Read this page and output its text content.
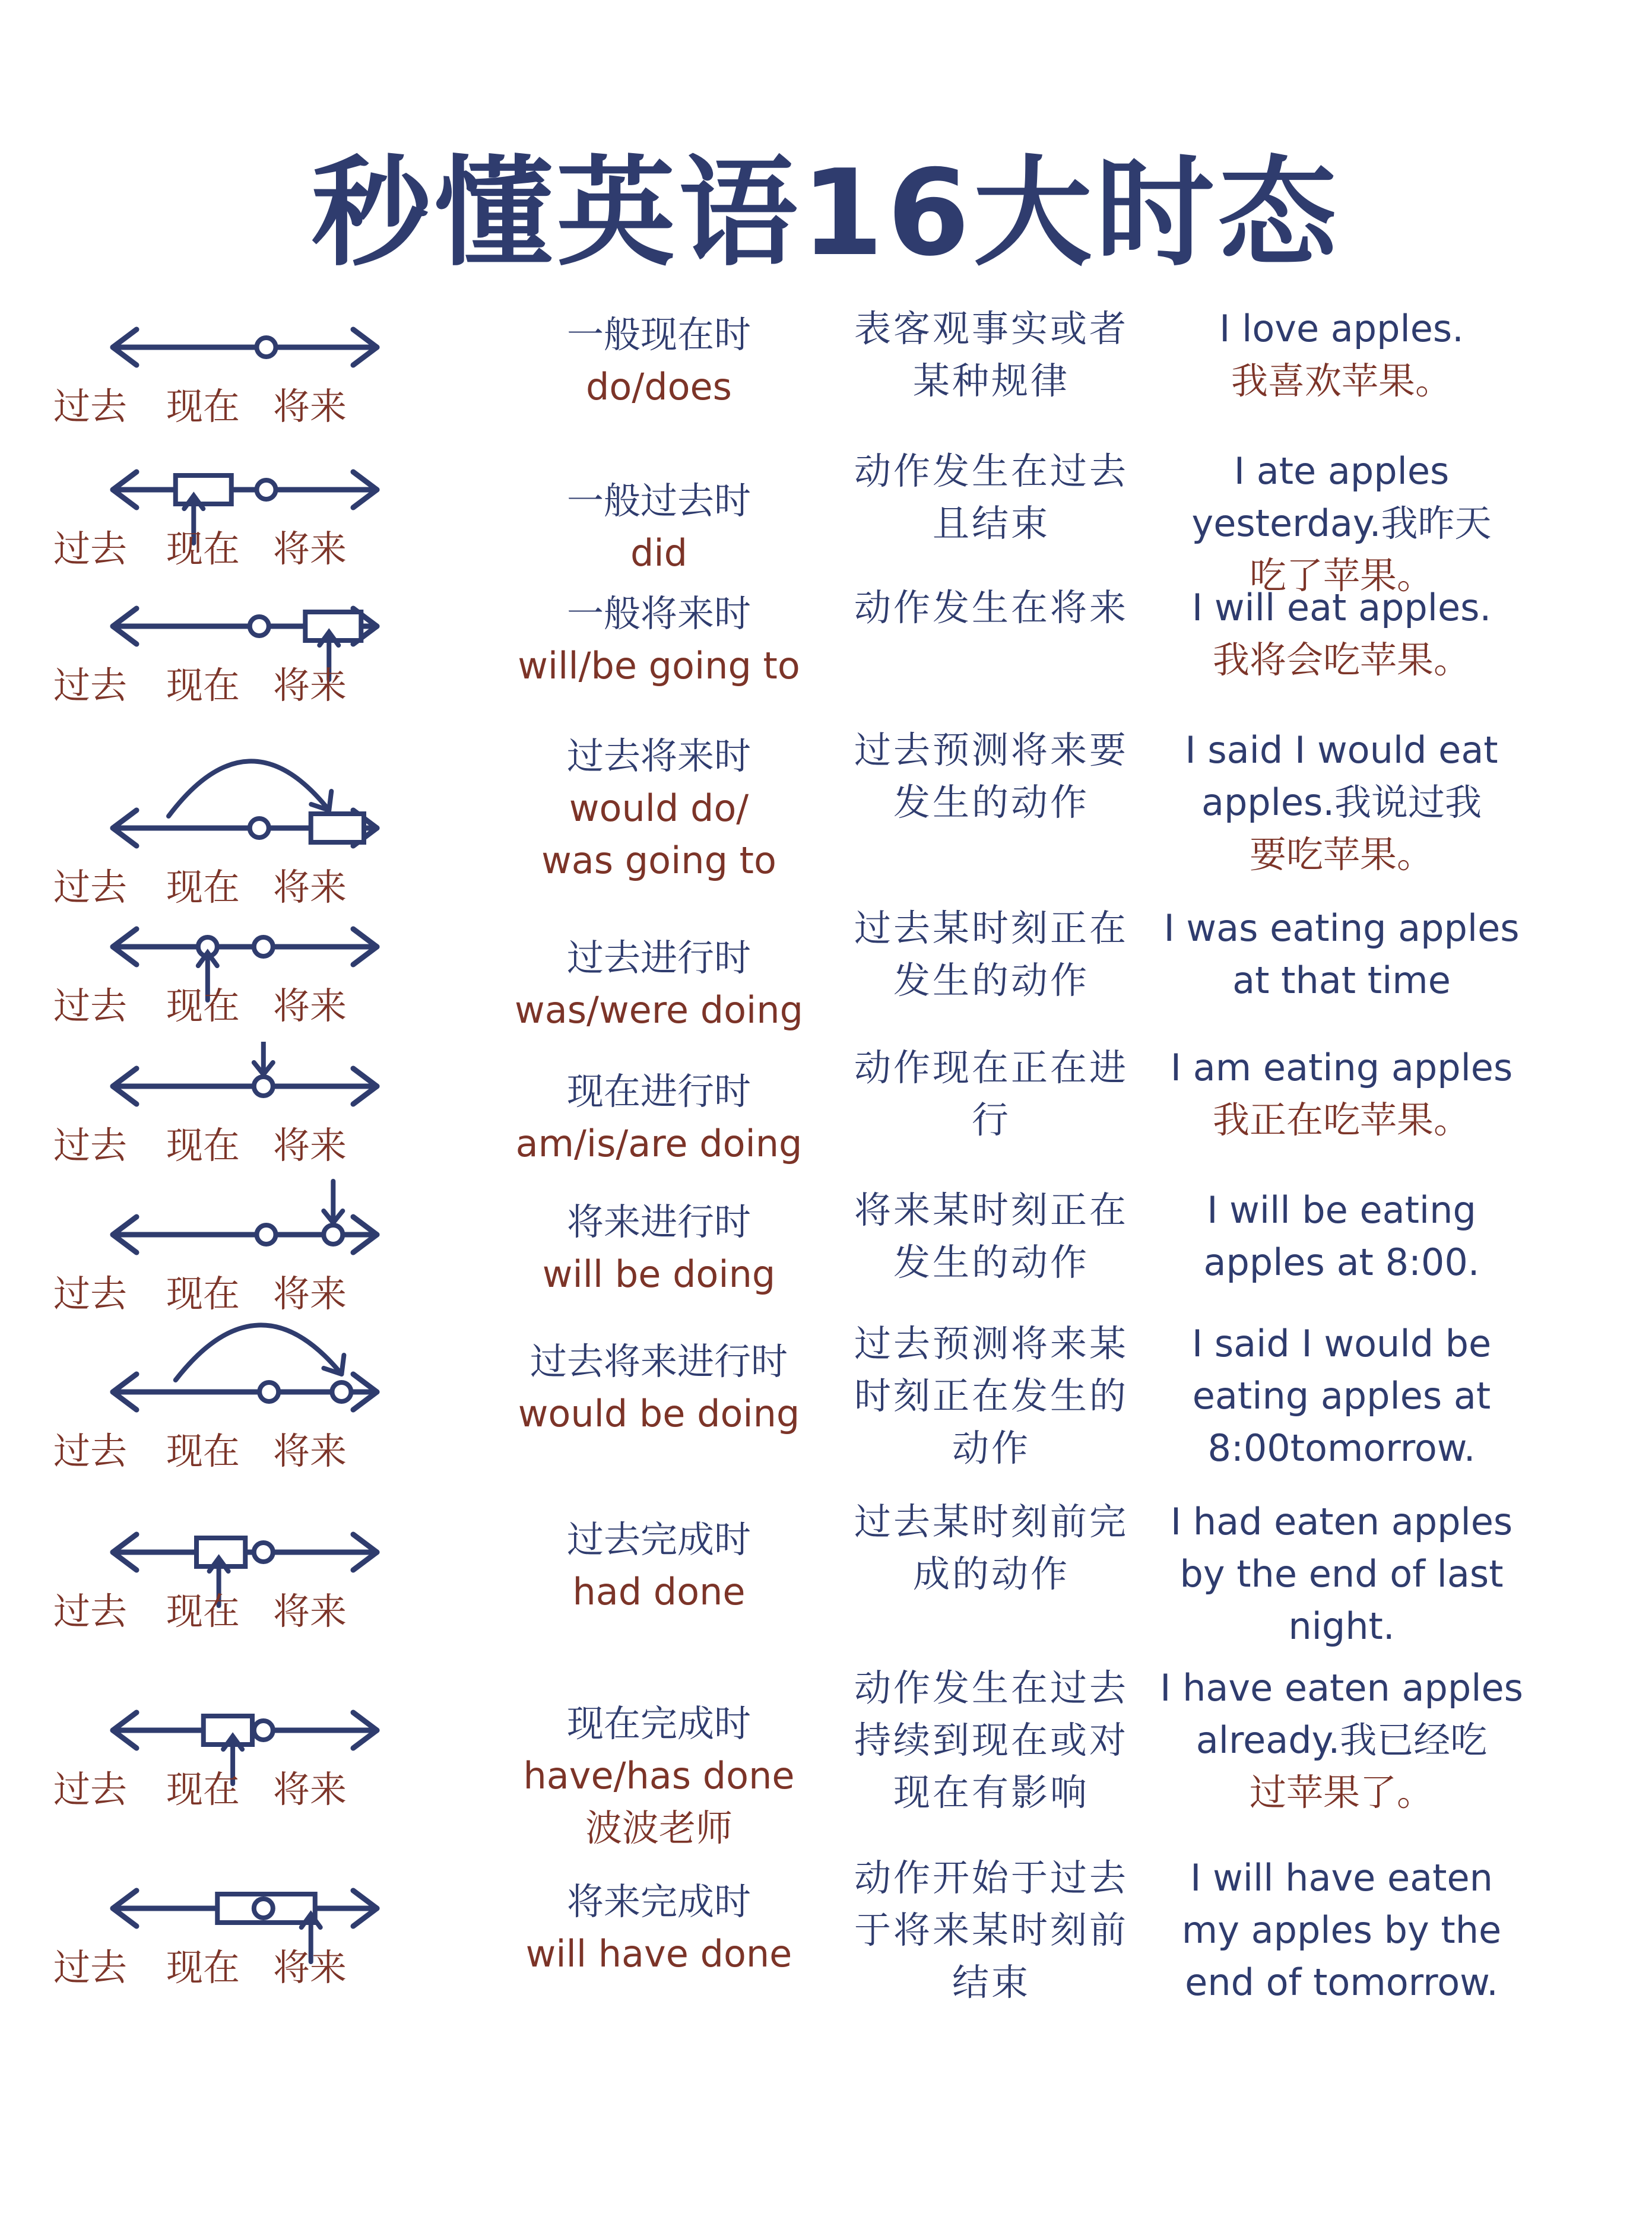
秒懂英语16大时态
过去 现在 将来
一般现在时
do/does
表客观事实或者
某种规律
I love apples.
我喜欢苹果。
过去 现在 将来
一般过去时
did
动作发生在过去
且结束
I ate apples
yesterday.我昨天
吃了苹果。
过去 现在 将来
一般将来时
will/be going to
动作发生在将来	I will eat apples.
我将会吃苹果。
过去 现在 将来
过去将来时
would do/
was going to
过去预测将来要
发生的动作
I said I would eat
apples.我说过我
要吃苹果。
过去 现在 将来
过去进行时
was/were doing
过去某时刻正在
发生的动作
I was eating apples
at that time
过去 现在 将来
现在进行时
am/is/are doing
动作现在正在进
行
I am eating apples
我正在吃苹果。
过去 现在 将来
将来进行时
will be doing
将来某时刻正在
发生的动作
I will be eating
apples at 8:00.
过去 现在 将来
过去将来进行时
would be doing
过去预测将来某
时刻正在发生的
动作
I said I would be
eating apples at
8:00tomorrow.
过去 现在 将来
过去完成时
had done
过去某时刻前完
成的动作
I had eaten apples
by the end of last
night.
过去 现在 将来
现在完成时
have/has done
波波老师
动作发生在过去
持续到现在或对
现在有影响
I have eaten apples
already.我已经吃
过苹果了。
过去 现在 将来
将来完成时
will have done
动作开始于过去
于将来某时刻前
结束
I will have eaten
my apples by the
end of tomorrow.
